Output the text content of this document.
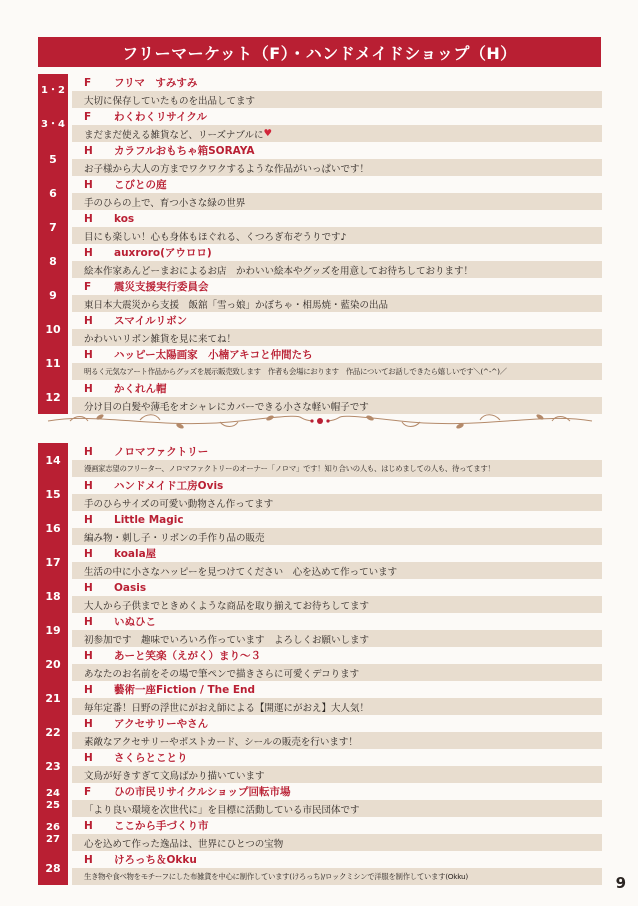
フリーマーケット（F）・ハンドメイドショップ（H）
1・2
F	フリマ　すみすみ
大切に保存していたものを出品してます
3・4
F	わくわくリサイクル
まだまだ使える雑貨など、リーズナブルに ♥
5
H	カラフルおもちゃ箱SORAYA
お子様から大人の方までワクワクするような作品がいっぱいです！
6
H	こびとの庭
手のひらの上で、育つ小さな緑の世界
7
H	kos
目にも楽しい！心も身体もほぐれる、くつろぎ布ぞうりです♪
8
H	auxroro(アウロロ)
絵本作家あんどーまおによるお店　かわいい絵本やグッズを用意してお待ちしております！
9
F	震災支援実行委員会
東日本大震災から支援　飯舘「雪っ娘」かぼちゃ・相馬焼・藍染の出品
10
H	スマイルリボン
かわいいリボン雑貨を見に来てね！
11
H	ハッピー太陽画家　小楠アキコと仲間たち
明るく元気なアート作品からグッズを展示販売致します　作者も会場におります　作品についてお話しできたら嬉しいです＼(^-^)／
12
H	かくれん帽
分け目の白髪や薄毛をオシャレにカバーできる小さな軽い帽子です
14
H	ノロマファクトリー
漫画家志望のフリーター、ノロマファクトリーのオーナー「ノロマ」です！知り合いの人も、はじめましての人も、待ってます！
15
H	ハンドメイド工房Ovis
手のひらサイズの可愛い動物さん作ってます
16
H	Little Magic
編み物・刺し子・リボンの手作り品の販売
17
H	koala屋
生活の中に小さなハッピーを見つけてください　心を込めて作っています
18
H	Oasis
大人から子供までときめくような商品を取り揃えてお待ちしてます
19
H	いぬひこ
初参加です　趣味でいろいろ作っています　よろしくお願いします
20
H	あーと笑楽（えがく）まり〜３
あなたのお名前をその場で筆ペンで描きさらに可愛くデコります
21
H	藝術一座Fiction / The End
毎年定番！日野の浮世にがおえ師による【開運にがおえ】大人気！
22
H	アクセサリーやさん
素敵なアクセサリーやポストカード、シールの販売を行います！
23
H	さくらとことり
文鳥が好きすぎて文鳥ばかり描いています
24
25
F	ひの市民リサイクルショップ回転市場
「より良い環境を次世代に」を目標に活動している市民団体です
26
27
H	ここから手づくり市
心を込めて作った逸品は、世界にひとつの宝物
28
H	けろっち＆Okku
生き物や食べ物をモチーフにした布雑貨を中心に制作しています(けろっち)/ロックミシンで洋服を制作しています(Okku)	9
